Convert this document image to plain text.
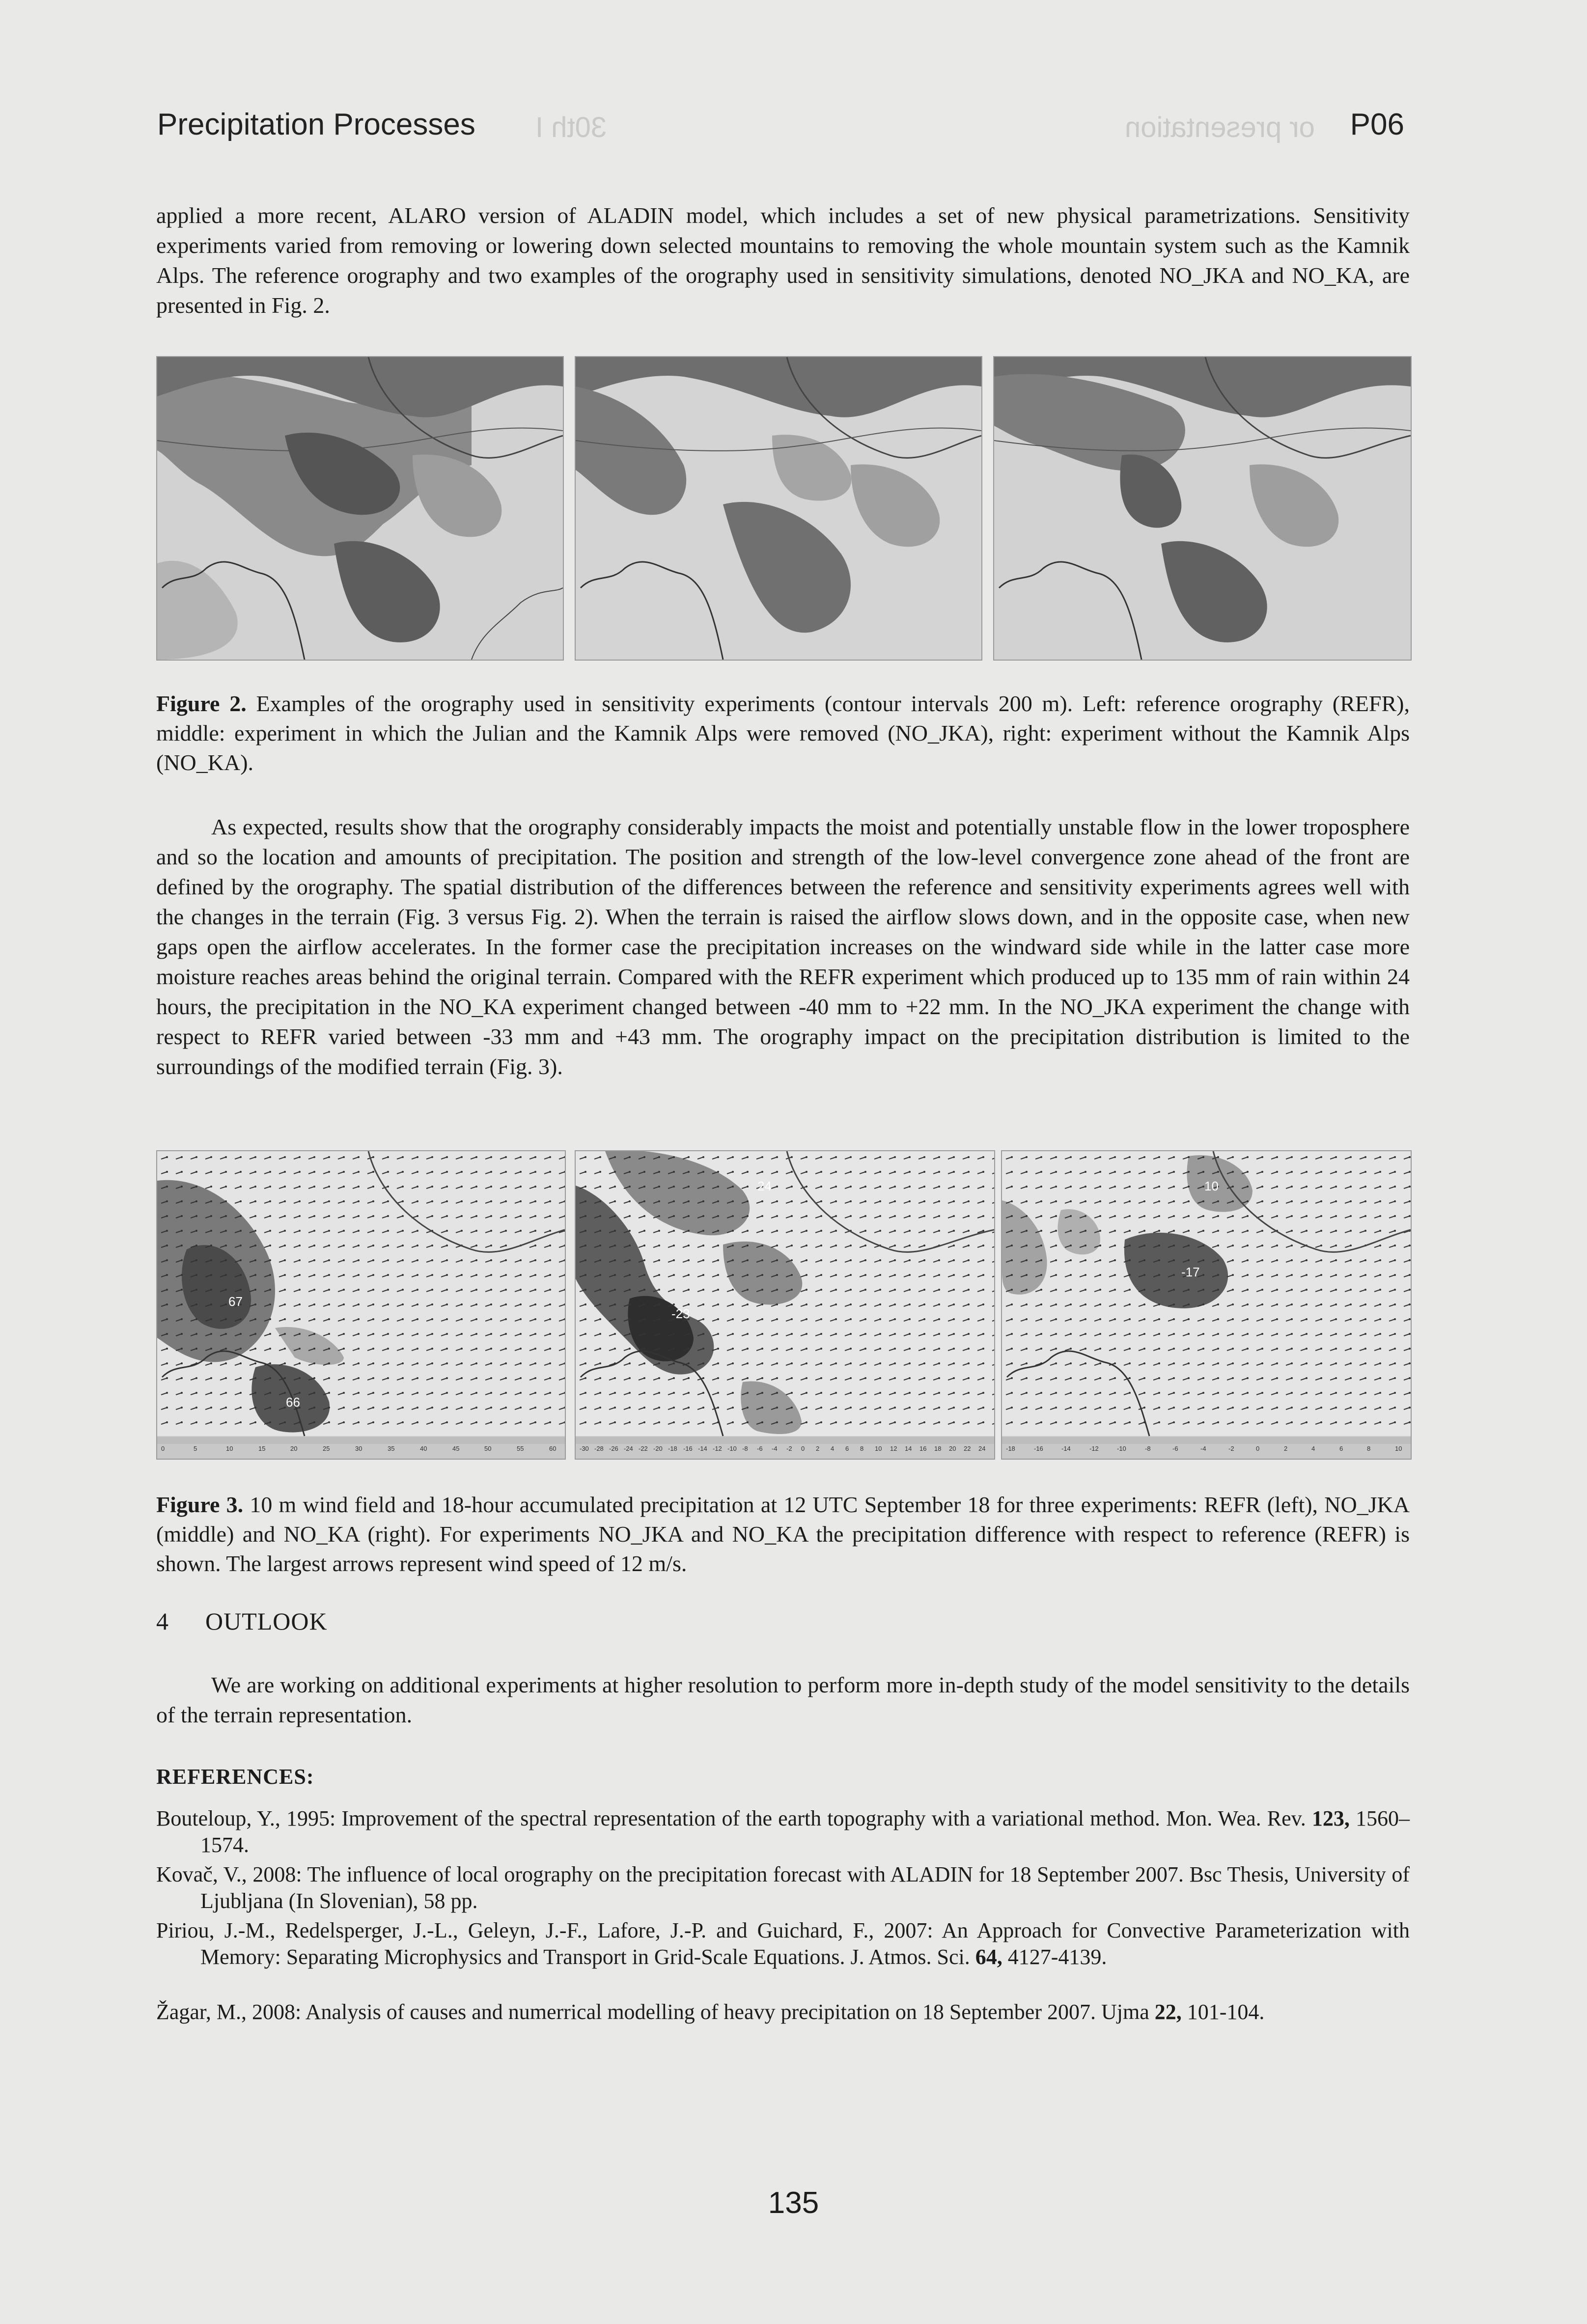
30th I	or presentation
Precipitation Processes	P06

applied a more recent, ALARO version of ALADIN model, which includes a set of new physical parametrizations. Sensitivity experiments varied from removing or lowering down selected mountains to removing the whole mountain system such as the Kamnik Alps. The reference orography and two examples of the orography used in sensitivity simulations, denoted NO_JKA and NO_KA, are presented in Fig. 2.

Figure 2. Examples of the orography used in sensitivity experiments (contour intervals 200 m). Left: reference orography (REFR), middle: experiment in which the Julian and the Kamnik Alps were removed (NO_JKA), right: experiment without the Kamnik Alps (NO_KA).

As expected, results show that the orography considerably impacts the moist and potentially unstable flow in the lower troposphere and so the location and amounts of precipitation. The position and strength of the low-level convergence zone ahead of the front are defined by the orography. The spatial distribution of the differences between the reference and sensitivity experiments agrees well with the changes in the terrain (Fig. 3 versus Fig. 2). When the terrain is raised the airflow slows down, and in the opposite case, when new gaps open the airflow accelerates. In the former case the precipitation increases on the windward side while in the latter case more moisture reaches areas behind the original terrain. Compared with the REFR experiment which produced up to 135 mm of rain within 24 hours, the precipitation in the NO_KA experiment changed between -40 mm to +22 mm. In the NO_JKA experiment the change with respect to REFR varied between -33 mm and +43 mm. The orography impact on the precipitation distribution is limited to the surroundings of the modified terrain (Fig. 3).

67
66
0	5	10	15	20	25	30	35	40	45	50	55	60
24
-23
-30 -28 -26 -24 -22 -20 -18 -16 -14 -12 -10 -8 -6 -4 -2 0 2 4 6 8 10 12 14 16 18 20 22 24
10
-17
-18	-16	-14	-12	-10	-8	-6	-4	-2	0	2	4	6	8	10

Figure 3. 10 m wind field and 18-hour accumulated precipitation at 12 UTC September 18 for three experiments: REFR (left), NO_JKA (middle) and NO_KA (right). For experiments NO_JKA and NO_KA the precipitation difference with respect to reference (REFR) is shown. The largest arrows represent wind speed of 12 m/s.

4 OUTLOOK

We are working on additional experiments at higher resolution to perform more in-depth study of the model sensitivity to the details of the terrain representation.

REFERENCES:
Bouteloup, Y., 1995: Improvement of the spectral representation of the earth topography with a variational method. Mon. Wea. Rev. 123, 1560–1574.
Kovač, V., 2008: The influence of local orography on the precipitation forecast with ALADIN for 18 September 2007. Bsc Thesis, University of Ljubljana (In Slovenian), 58 pp.
Piriou, J.-M., Redelsperger, J.-L., Geleyn, J.-F., Lafore, J.-P. and Guichard, F., 2007: An Approach for Convective Parameterization with Memory: Separating Microphysics and Transport in Grid-Scale Equations. J. Atmos. Sci. 64, 4127-4139.
Žagar, M., 2008: Analysis of causes and numerrical modelling of heavy precipitation on 18 September 2007. Ujma 22, 101-104.
135
